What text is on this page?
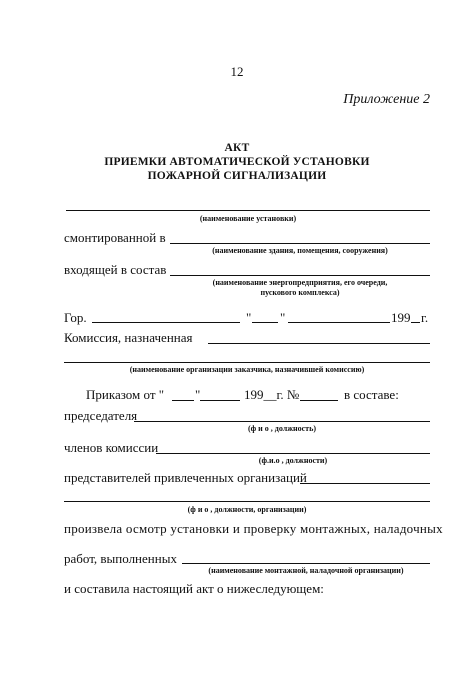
12
Приложение 2
АКТ
ПРИЕМКИ АВТОМАТИЧЕСКОЙ УСТАНОВКИ
ПОЖАРНОЙ СИГНАЛИЗАЦИИ
(наименование установки)
смонтированной в
(наименование здания, помещения, сооружения)
входящей в состав
(наименование энергопредприятия, его очереди,
пускового комплекса)
Гор.	" "	199 г.
Комиссия, назначенная
(наименование организации заказчика, назначившей комиссию)
Приказом от " "	199__г. №	в составе:
председателя
(ф и о , должность)
членов комиссии
(ф.и.о , должности)
представителей привлеченных организаций
(ф и о , должности, организации)
произвела осмотр установки и проверку монтажных, наладочных
работ, выполненных
(наименование монтажной, наладочной организации)
и составила настоящий акт о нижеследующем:
